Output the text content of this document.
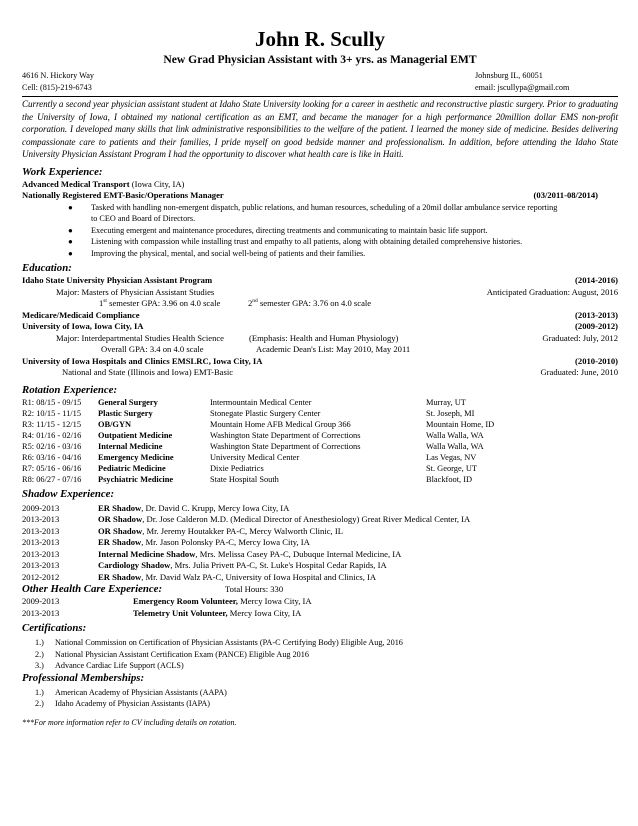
John R. Scully
New Grad Physician Assistant with 3+ yrs. as Managerial EMT
4616 N. Hickory Way	Johnsburg IL, 60051
Cell: (815)-219-6743	email: jscullypa@gmail.com
Currently a second year physician assistant student at Idaho State University looking for a career in aesthetic and reconstructive plastic surgery. Prior to graduating the University of Iowa, I obtained my national certification as an EMT, and became the manager for a high performance 20million dollar EMS non-profit corporation. I developed many skills that link administrative responsibilities to the welfare of the patient. I learned the money side of medicine. Besides delivering compassionate care to patients and their families, I pride myself on good bedside manner and professionalism. In addition, before attending the Idaho State University Physician Assistant Program I had the opportunity to discover what health care is like in Haiti.
Work Experience:
Advanced Medical Transport (Iowa City, IA)
Nationally Registered EMT-Basic/Operations Manager	(03/2011-08/2014)
● Tasked with handling non-emergent dispatch, public relations, and human resources, scheduling of a 20mil dollar ambulance service reporting
to CEO and Board of Directors.
● Executing emergent and maintenance procedures, directing treatments and communicating to maintain basic life support.
● Listening with compassion while installing trust and empathy to all patients, along with obtaining detailed comprehensive histories.
● Improving the physical, mental, and social well-being of patients and their families.
Education:
Idaho State University Physician Assistant Program	(2014-2016)
Major: Masters of Physician Assistant Studies	Anticipated Graduation: August, 2016
1st semester GPA: 3.96 on 4.0 scale	2nd semester GPA: 3.76 on 4.0 scale
Medicare/Medicaid Compliance	(2013-2013)
University of Iowa, Iowa City, IA	(2009-2012)
Major: Interdepartmental Studies Health Science	(Emphasis: Health and Human Physiology)	Graduated: July, 2012
Overall GPA: 3.4 on 4.0 scale	Academic Dean's List: May 2010, May 2011
University of Iowa Hospitals and Clinics EMSLRC, Iowa City, IA	(2010-2010)
National and State (Illinois and Iowa) EMT-Basic	Graduated: June, 2010
Rotation Experience:
R1: 08/15 - 09/15 General Surgery	Intermountain Medical Center	Murray, UT
R2: 10/15 - 11/15 Plastic Surgery	Stonegate Plastic Surgery Center	St. Joseph, MI
R3: 11/15 - 12/15 OB/GYN	Mountain Home AFB Medical Group 366	Mountain Home, ID
R4: 01/16 - 02/16 Outpatient Medicine	Washington State Department of Corrections	Walla Walla, WA
R5: 02/16 - 03/16 Internal Medicine	Washington State Department of Corrections	Walla Walla, WA
R6: 03/16 - 04/16 Emergency Medicine	University Medical Center	Las Vegas, NV
R7: 05/16 - 06/16 Pediatric Medicine	Dixie Pediatrics	St. George, UT
R8: 06/27 - 07/16 Psychiatric Medicine	State Hospital South	Blackfoot, ID
Shadow Experience:
2009-2013	ER Shadow, Dr. David C. Krupp, Mercy Iowa City, IA
2013-2013	OR Shadow, Dr. Jose Calderon M.D. (Medical Director of Anesthesiology) Great River Medical Center, IA
2013-2013	OR Shadow, Mr. Jeremy Houtakker PA-C, Mercy Walworth Clinic, IL
2013-2013	ER Shadow, Mr. Jason Polonsky PA-C, Mercy Iowa City, IA
2013-2013	Internal Medicine Shadow, Mrs. Melissa Casey PA-C, Dubuque Internal Medicine, IA
2013-2013	Cardiology Shadow, Mrs. Julia Privett PA-C, St. Luke's Hospital Cedar Rapids, IA
2012-2012	ER Shadow, Mr. David Walz PA-C, University of Iowa Hospital and Clinics, IA
Other Health Care Experience:	Total Hours: 330
2009-2013	Emergency Room Volunteer, Mercy Iowa City, IA
2013-2013	Telemetry Unit Volunteer, Mercy Iowa City, IA
Certifications:
1.) National Commission on Certification of Physician Assistants (PA-C Certifying Body) Eligible Aug, 2016
2.) National Physician Assistant Certification Exam (PANCE) Eligible Aug 2016
3.) Advance Cardiac Life Support (ACLS)
Professional Memberships:
1.) American Academy of Physician Assistants (AAPA)
2.) Idaho Academy of Physician Assistants (IAPA)
***For more information refer to CV including details on rotation.
